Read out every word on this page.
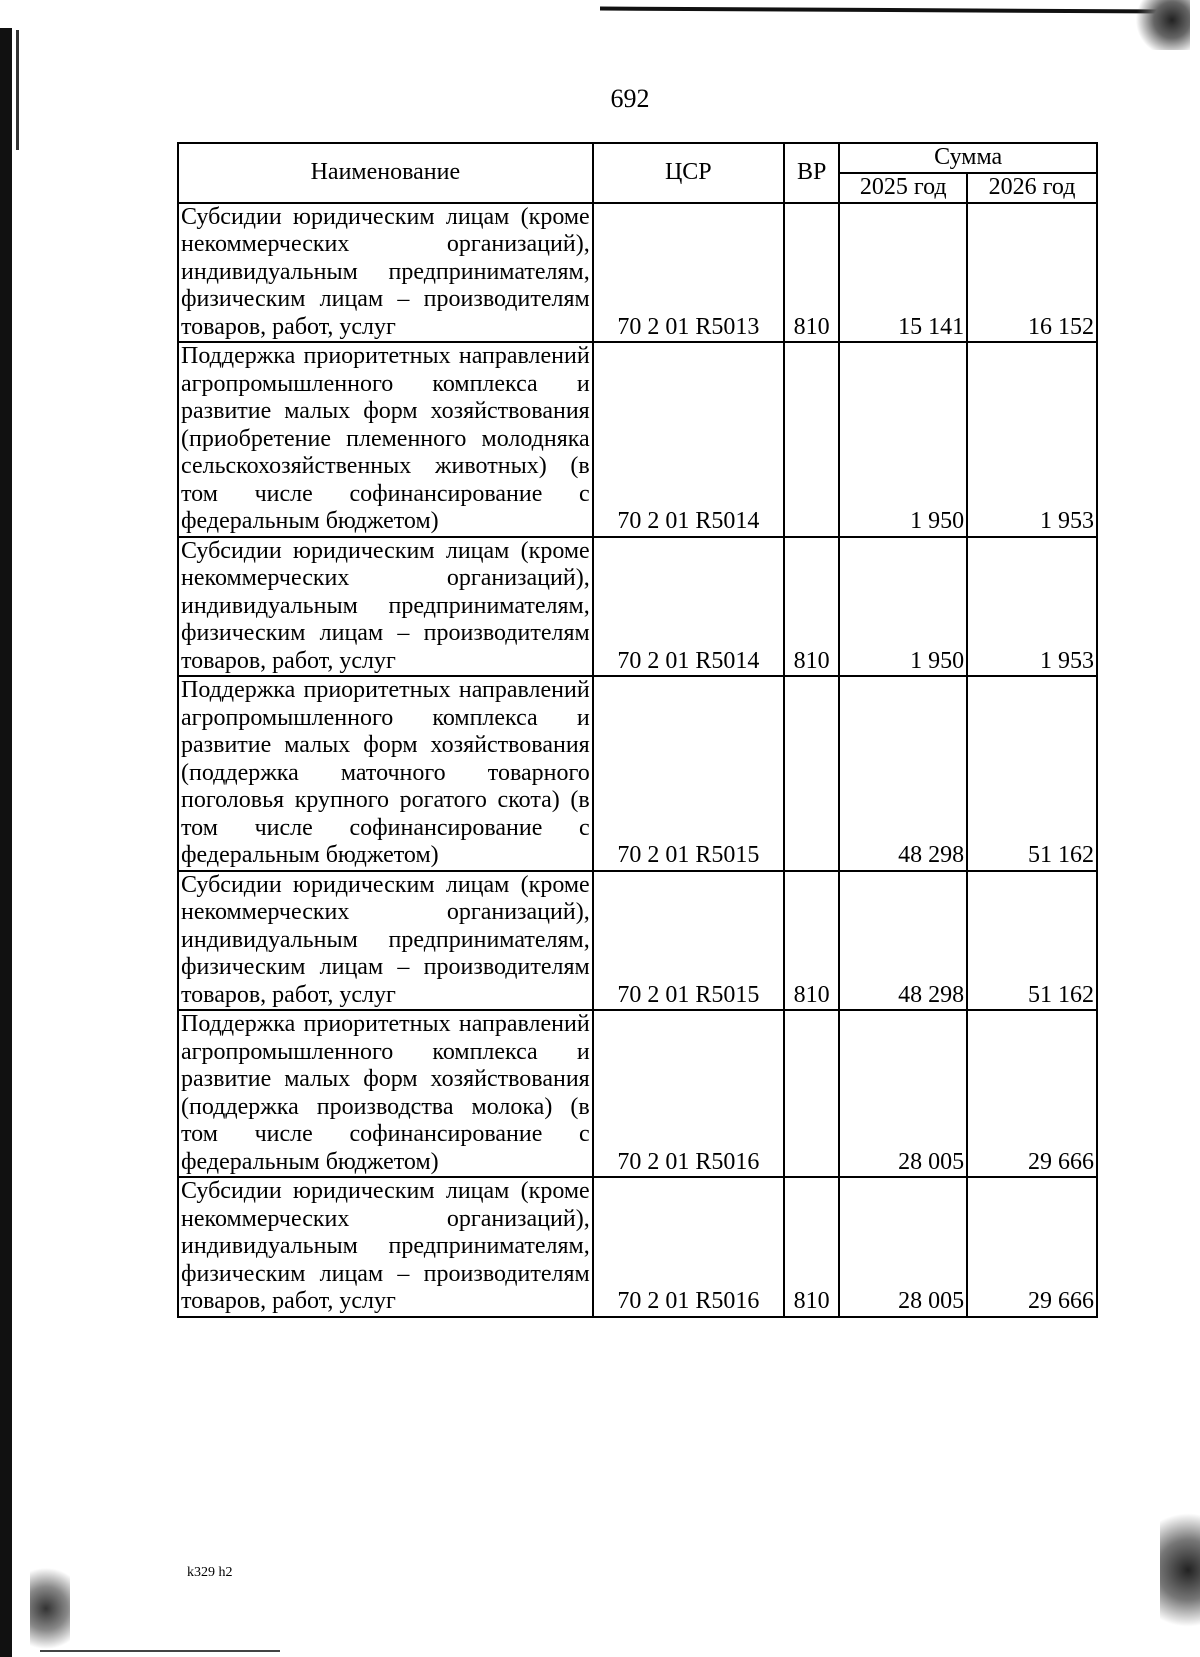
692
Наименование	ЦСР	ВР	Сумма	
			2025 год	2026 год
Субсидии юридическим лицам (кроме некоммерческих организаций), индивидуальным предпринимателям, физическим лицам – производителям товаров, работ, услуг	70 2 01 R5013	810	15 141	16 152
Поддержка приоритетных направлений агропромышленного комплекса и развитие малых форм хозяйствования (приобретение племенного молодняка сельскохозяйственных животных) (в том числе софинансирование с федеральным бюджетом)	70 2 01 R5014		1 950	1 953
Субсидии юридическим лицам (кроме некоммерческих организаций), индивидуальным предпринимателям, физическим лицам – производителям товаров, работ, услуг	70 2 01 R5014	810	1 950	1 953
Поддержка приоритетных направлений агропромышленного комплекса и развитие малых форм хозяйствования (поддержка маточного товарного поголовья крупного рогатого скота) (в том числе софинансирование с федеральным бюджетом)	70 2 01 R5015		48 298	51 162
Субсидии юридическим лицам (кроме некоммерческих организаций), индивидуальным предпринимателям, физическим лицам – производителям товаров, работ, услуг	70 2 01 R5015	810	48 298	51 162
Поддержка приоритетных направлений агропромышленного комплекса и развитие малых форм хозяйствования (поддержка производства молока) (в том числе софинансирование с федеральным бюджетом)	70 2 01 R5016		28 005	29 666
Субсидии юридическим лицам (кроме некоммерческих организаций), индивидуальным предпринимателям, физическим лицам – производителям товаров, работ, услуг	70 2 01 R5016	810	28 005	29 666
k329 h2
